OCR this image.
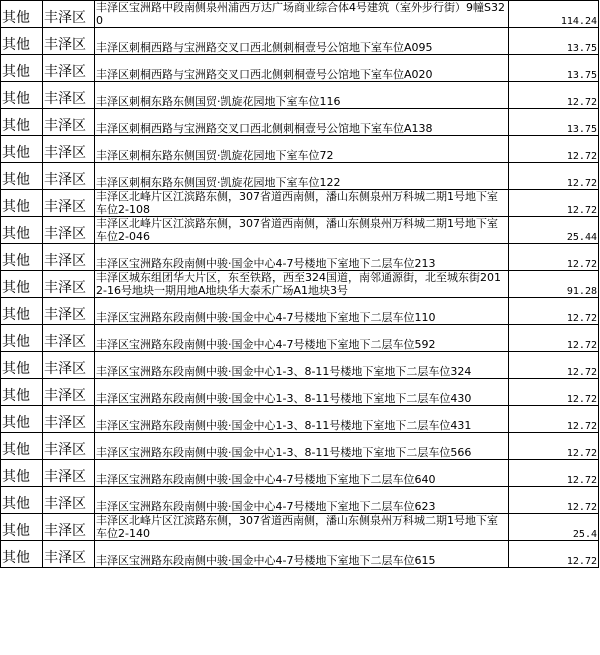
其他	丰泽区	丰泽区宝洲路中段南侧泉州浦西万达广场商业综合体4号建筑（室外步行街）9幢S320	114.24
其他	丰泽区	丰泽区刺桐西路与宝洲路交叉口西北侧刺桐壹号公馆地下室车位A095	13.75
其他	丰泽区	丰泽区刺桐西路与宝洲路交叉口西北侧刺桐壹号公馆地下室车位A020	13.75
其他	丰泽区	丰泽区刺桐东路东侧国贸·凯旋花园地下室车位116	12.72
其他	丰泽区	丰泽区刺桐西路与宝洲路交叉口西北侧刺桐壹号公馆地下室车位A138	13.75
其他	丰泽区	丰泽区刺桐东路东侧国贸·凯旋花园地下室车位72	12.72
其他	丰泽区	丰泽区刺桐东路东侧国贸·凯旋花园地下室车位122	12.72
其他	丰泽区	丰泽区北峰片区江滨路东侧，307省道西南侧，潘山东侧泉州万科城二期1号地下室车位2-108	12.72
其他	丰泽区	丰泽区北峰片区江滨路东侧，307省道西南侧，潘山东侧泉州万科城二期1号地下室车位2-046	25.44
其他	丰泽区	丰泽区宝洲路东段南侧中骏·国金中心4-7号楼地下室地下二层车位213	12.72
其他	丰泽区	丰泽区城东组团华大片区，东至铁路，西至324国道，南邻通源街，北至城东街2012-16号地块一期用地A地块华大泰禾广场A1地块3号	91.28
其他	丰泽区	丰泽区宝洲路东段南侧中骏·国金中心4-7号楼地下室地下二层车位110	12.72
其他	丰泽区	丰泽区宝洲路东段南侧中骏·国金中心4-7号楼地下室地下二层车位592	12.72
其他	丰泽区	丰泽区宝洲路东段南侧中骏·国金中心1-3、8-11号楼地下室地下二层车位324	12.72
其他	丰泽区	丰泽区宝洲路东段南侧中骏·国金中心1-3、8-11号楼地下室地下二层车位430	12.72
其他	丰泽区	丰泽区宝洲路东段南侧中骏·国金中心1-3、8-11号楼地下室地下二层车位431	12.72
其他	丰泽区	丰泽区宝洲路东段南侧中骏·国金中心1-3、8-11号楼地下室地下二层车位566	12.72
其他	丰泽区	丰泽区宝洲路东段南侧中骏·国金中心4-7号楼地下室地下二层车位640	12.72
其他	丰泽区	丰泽区宝洲路东段南侧中骏·国金中心4-7号楼地下室地下二层车位623	12.72
其他	丰泽区	丰泽区北峰片区江滨路东侧，307省道西南侧，潘山东侧泉州万科城二期1号地下室车位2-140	25.4
其他	丰泽区	丰泽区宝洲路东段南侧中骏·国金中心4-7号楼地下室地下二层车位615	12.72
